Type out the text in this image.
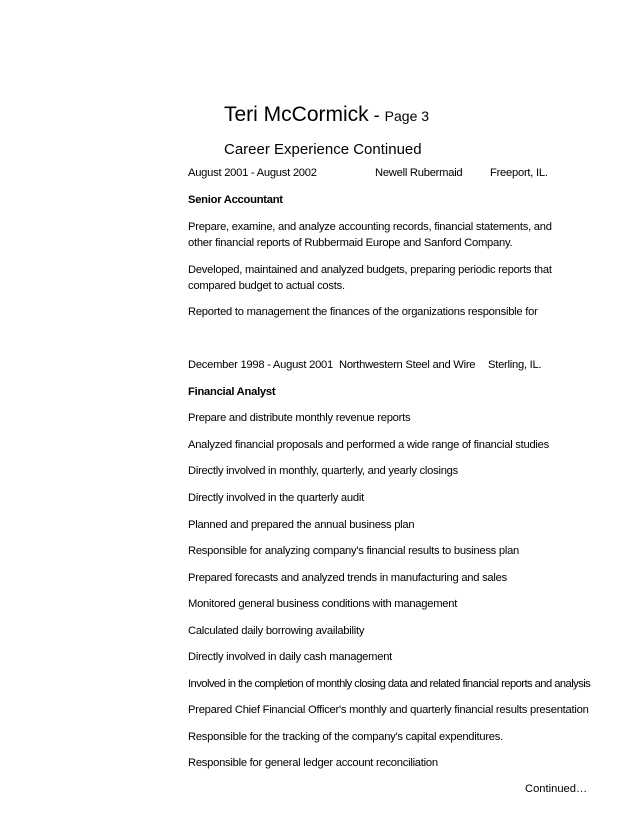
Teri McCormick - Page 3
Career Experience Continued
August 2001 - August 2002	Newell Rubermaid Freeport, IL.
Senior Accountant
Prepare, examine, and analyze accounting records, financial statements, and
other financial reports of Rubbermaid Europe and Sanford Company.
Developed, maintained and analyzed budgets, preparing periodic reports that
compared budget to actual costs.
Reported to management the finances of the organizations responsible for
December 1998 - August 2001 Northwestern Steel and Wire Sterling, IL.
Financial Analyst
Prepare and distribute monthly revenue reports
Analyzed financial proposals and performed a wide range of financial studies
Directly involved in monthly, quarterly, and yearly closings
Directly involved in the quarterly audit
Planned and prepared the annual business plan
Responsible for analyzing company's financial results to business plan
Prepared forecasts and analyzed trends in manufacturing and sales
Monitored general business conditions with management
Calculated daily borrowing availability
Directly involved in daily cash management
Involved in the completion of monthly closing data and related financial reports and analysis
Prepared Chief Financial Officer's monthly and quarterly financial results presentation
Responsible for the tracking of the company's capital expenditures.
Responsible for general ledger account reconciliation
Continued…
